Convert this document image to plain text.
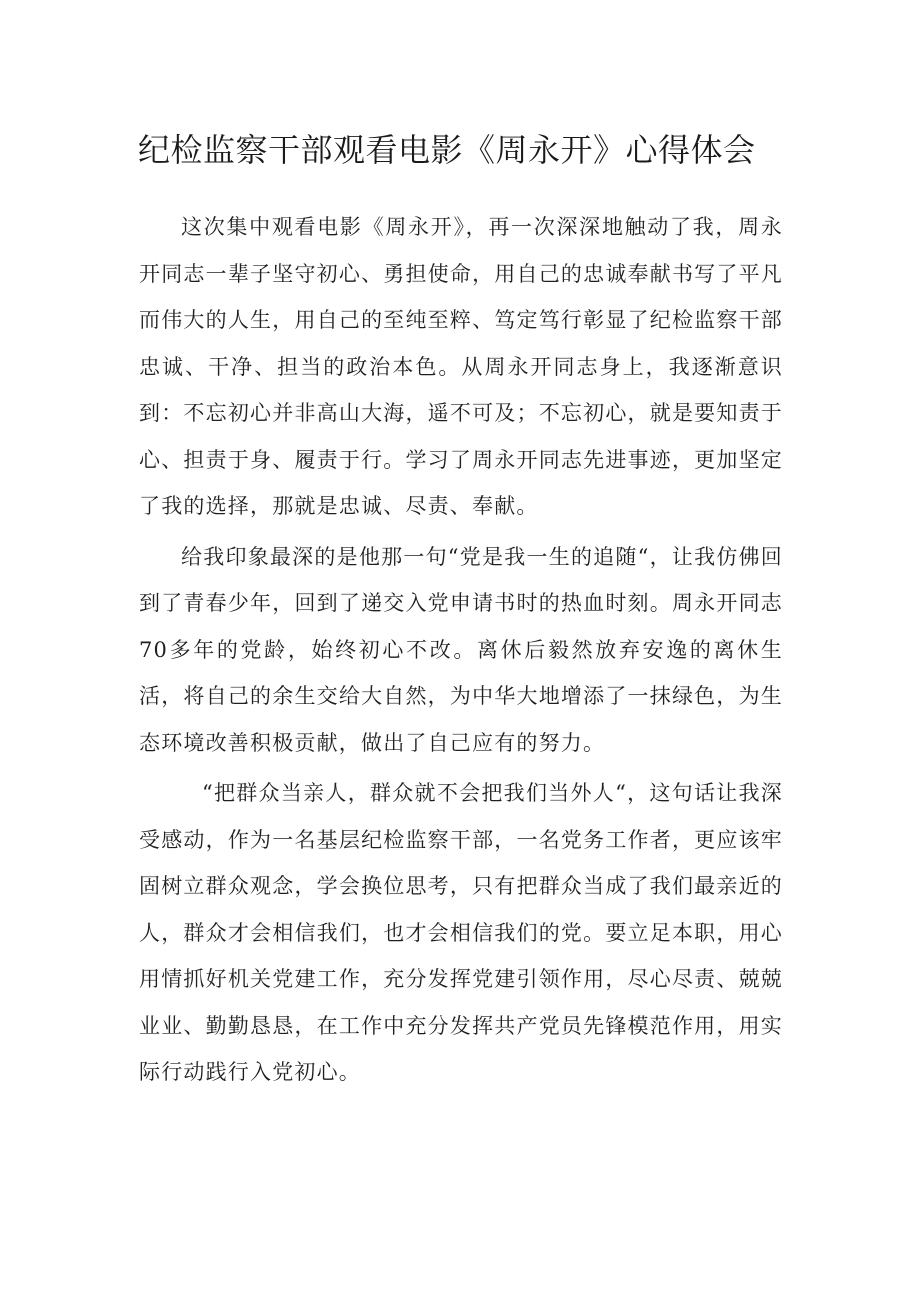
纪检监察干部观看电影《周永开》心得体会

这次集中观看电影《周永开》，再一次深深地触动了我，周永开同志一辈子坚守初心、勇担使命，用自己的忠诚奉献书写了平凡而伟大的人生，用自己的至纯至粹、笃定笃行彰显了纪检监察干部忠诚、干净、担当的政治本色。从周永开同志身上，我逐渐意识到：不忘初心并非高山大海，遥不可及；不忘初心，就是要知责于心、担责于身、履责于行。学习了周永开同志先进事迹，更加坚定了我的选择，那就是忠诚、尽责、奉献。

给我印象最深的是他那一句“党是我一生的追随“，让我仿佛回到了青春少年，回到了递交入党申请书时的热血时刻。周永开同志70多年的党龄，始终初心不改。离休后毅然放弃安逸的离休生活，将自己的余生交给大自然，为中华大地增添了一抹绿色，为生态环境改善积极贡献，做出了自己应有的努力。

“把群众当亲人，群众就不会把我们当外人“，这句话让我深受感动，作为一名基层纪检监察干部，一名党务工作者，更应该牢固树立群众观念，学会换位思考，只有把群众当成了我们最亲近的人，群众才会相信我们，也才会相信我们的党。要立足本职，用心用情抓好机关党建工作，充分发挥党建引领作用，尽心尽责、兢兢业业、勤勤恳恳，在工作中充分发挥共产党员先锋模范作用，用实际行动践行入党初心。
